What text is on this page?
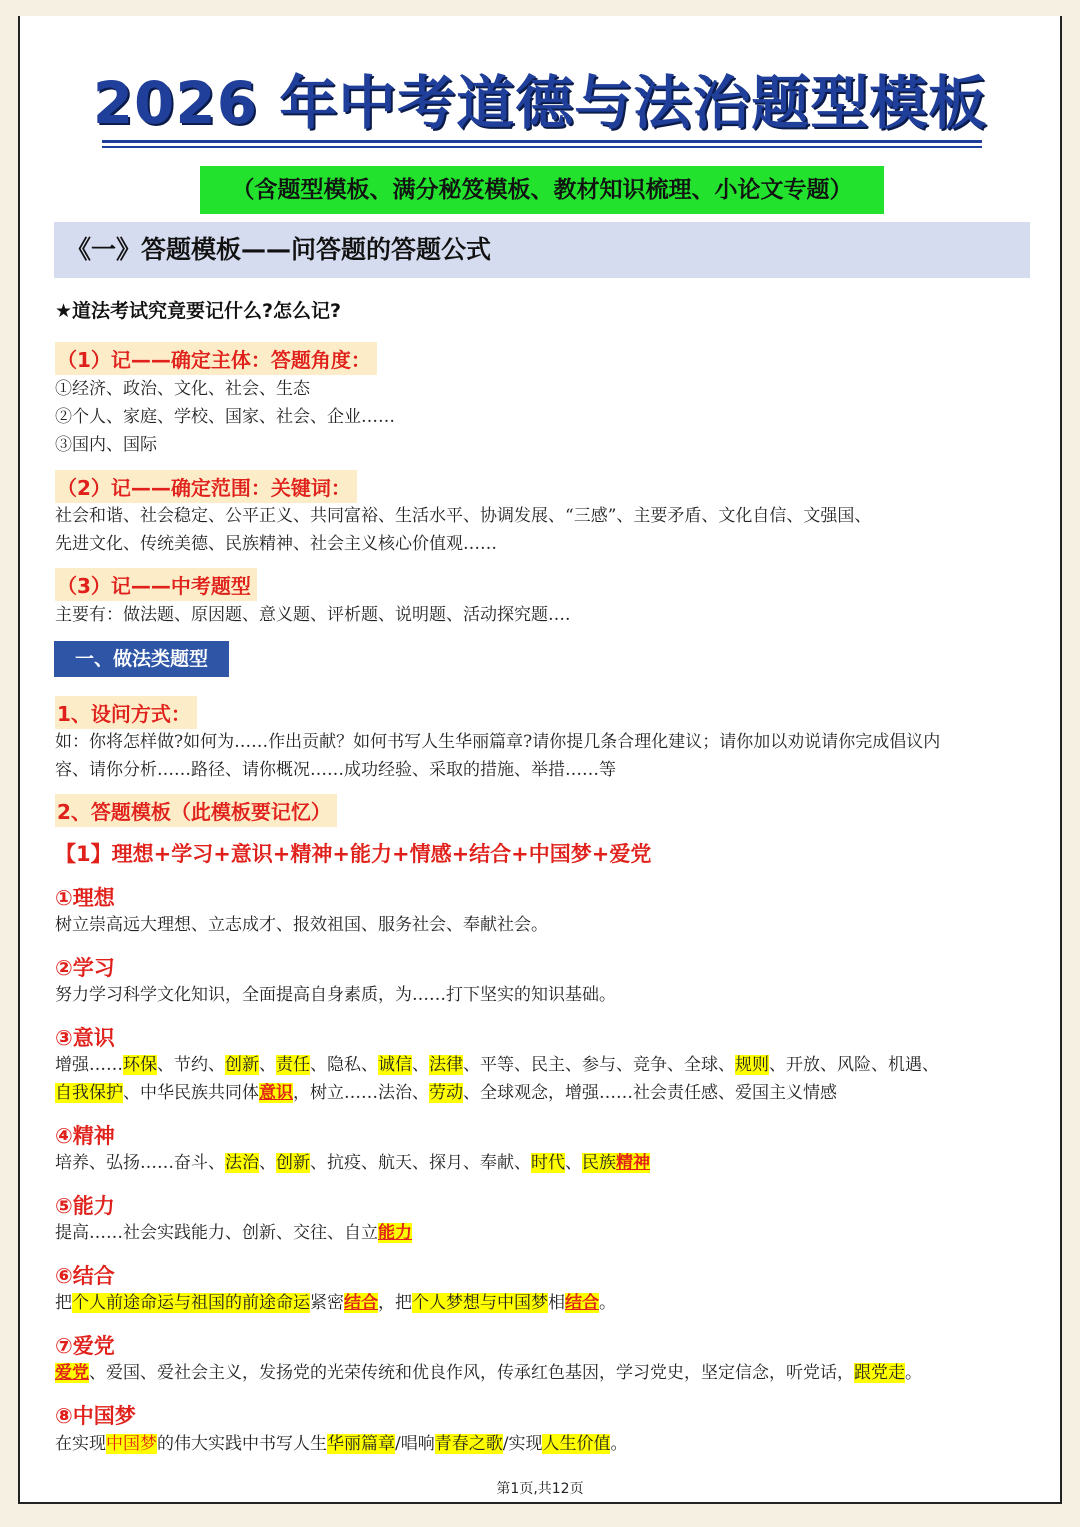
2026 年中考道德与法治题型模板
（含题型模板、满分秘笈模板、教材知识梳理、小论文专题）
《一》答题模板——问答题的答题公式
★道法考试究竟要记什么?怎么记?
（1）记——确定主体：答题角度：
①经济、政治、文化、社会、生态
②个人、家庭、学校、国家、社会、企业……
③国内、国际
（2）记——确定范围：关键词：
社会和谐、社会稳定、公平正义、共同富裕、生活水平、协调发展、“三感”、主要矛盾、文化自信、文强国、
先进文化、传统美德、民族精神、社会主义核心价值观……
（3）记——中考题型
主要有：做法题、原因题、意义题、评析题、说明题、活动探究题….
一、做法类题型
1、设问方式：
如：你将怎样做?如何为……作出贡献？如何书写人生华丽篇章?请你提几条合理化建议；请你加以劝说请你完成倡议内
容、请你分析……路径、请你概况……成功经验、采取的措施、举措……等
2、答题模板（此模板要记忆）
【1】理想+学习+意识+精神+能力+情感+结合+中国梦+爱党
①理想
树立崇高远大理想、立志成才、报效祖国、服务社会、奉献社会。
②学习
努力学习科学文化知识，全面提高自身素质，为……打下坚实的知识基础。
③意识
增强……环保、节约、创新、责任、隐私、诚信、法律、平等、民主、参与、竞争、全球、规则、开放、风险、机遇、
自我保护、中华民族共同体意识，树立……法治、劳动、全球观念，增强……社会责任感、爱国主义情感
④精神
培养、弘扬……奋斗、法治、创新、抗疫、航天、探月、奉献、时代、民族精神
⑤能力
提高……社会实践能力、创新、交往、自立能力
⑥结合
把个人前途命运与祖国的前途命运紧密结合，把个人梦想与中国梦相结合。
⑦爱党
爱党、爱国、爱社会主义，发扬党的光荣传统和优良作风，传承红色基因，学习党史，坚定信念，听党话，跟党走。
⑧中国梦
在实现中国梦的伟大实践中书写人生华丽篇章/唱响青春之歌/实现人生价值。
第1页,共12页
